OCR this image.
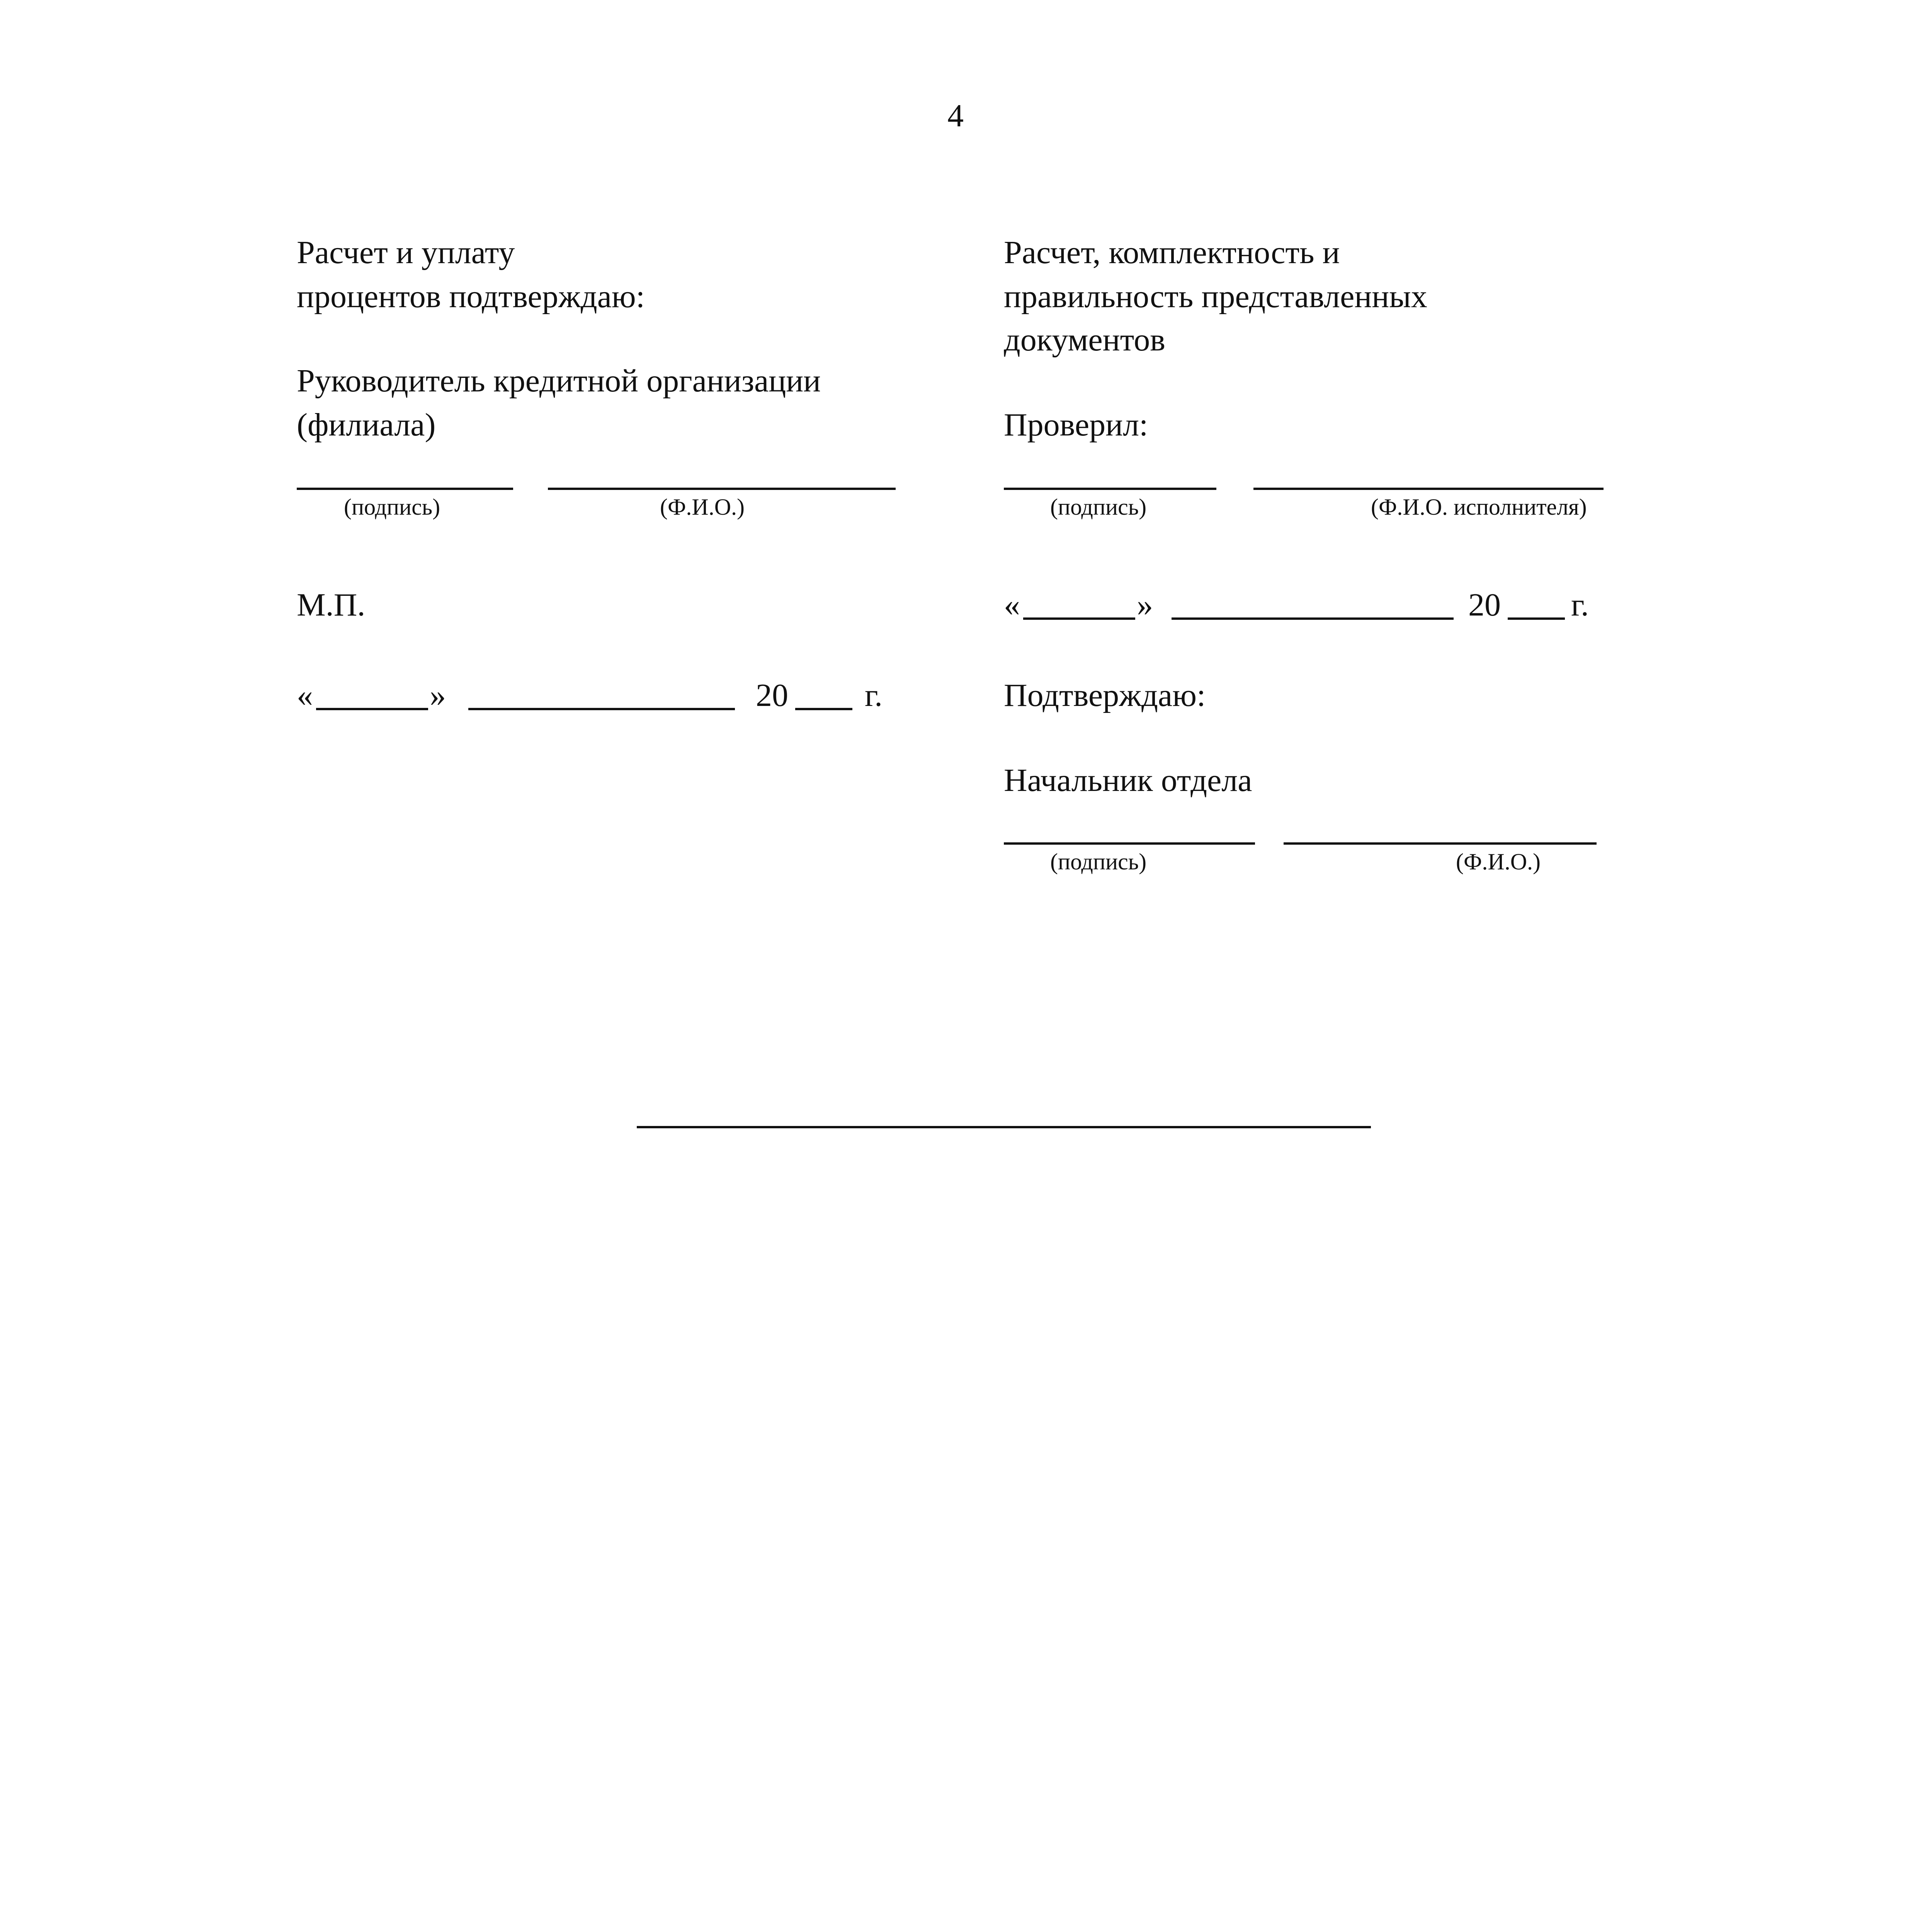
4
Расчет и уплату
процентов подтверждаю:
Руководитель кредитной организации
(филиала)
(подпись)	(Ф.И.О.)
М.П.
«	»	20 г.
Расчет, комплектность и
правильность представленных
документов
Проверил:
(подпись)	(Ф.И.О. исполнителя)
«	»	20 г.
Подтверждаю:
Начальник отдела
(подпись)	(Ф.И.О.)
